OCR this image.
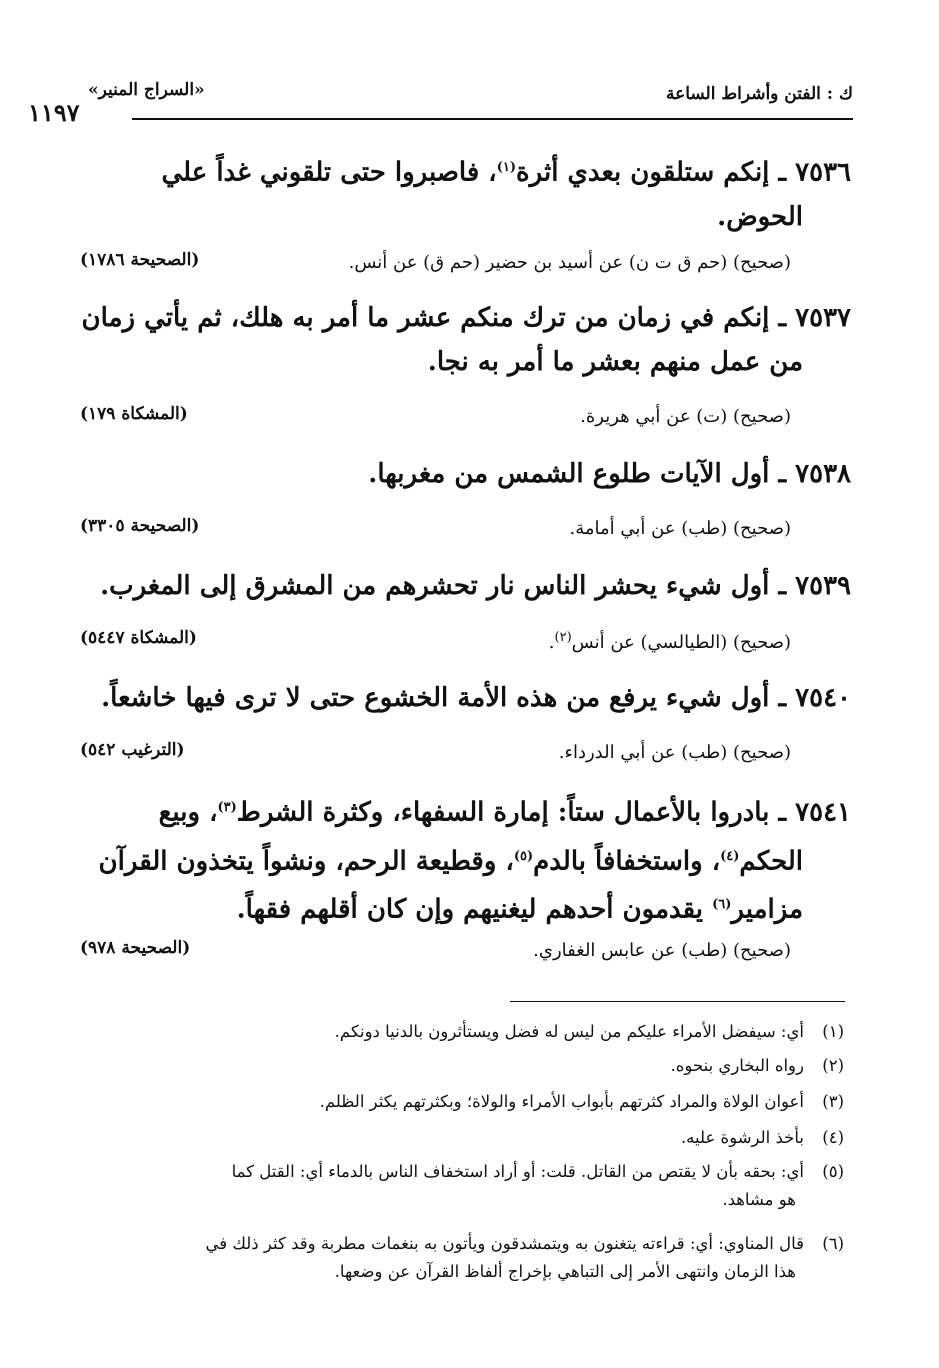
ك : الفتن وأشراط الساعة
«السراج المنير»
١١٩٧
٧٥٣٦ ـ إنكم ستلقون بعدي أثرة$^{(١)}$، فاصبروا حتى تلقوني غداً علي
الحوض.
(صحيح) (حم ق ت ن) عن أسيد بن حضير (حم ق) عن أنس.
(الصحيحة ١٧٨٦)
٧٥٣٧ ـ إنكم في زمان من ترك منكم عشر ما أمر به هلك، ثم يأتي زمان
من عمل منهم بعشر ما أمر به نجا.
(صحيح) (ت) عن أبي هريرة.
(المشكاة ١٧٩)
٧٥٣٨ ـ أول الآيات طلوع الشمس من مغربها.
(صحيح) (طب) عن أبي أمامة.
(الصحيحة ٣٣٠٥)
٧٥٣٩ ـ أول شيء يحشر الناس نار تحشرهم من المشرق إلى المغرب.
(صحيح) (الطيالسي) عن أنس$^{(٢)}$.
(المشكاة ٥٤٤٧)
٧٥٤٠ ـ أول شيء يرفع من هذه الأمة الخشوع حتى لا ترى فيها خاشعاً.
(صحيح) (طب) عن أبي الدرداء.
(الترغيب ٥٤٢)
٧٥٤١ ـ بادروا بالأعمال ستاً: إمارة السفهاء، وكثرة الشرط$^{(٣)}$، وبيع
الحكم$^{(٤)}$، واستخفافاً بالدم$^{(٥)}$، وقطيعة الرحم، ونشواً يتخذون القرآن
مزامير$^{(٦)}$ يقدمون أحدهم ليغنيهم وإن كان أقلهم فقهاً.
(صحيح) (طب) عن عابس الغفاري.
(الصحيحة ٩٧٨)
(١)أي: سيفضل الأمراء عليكم من ليس له فضل ويستأثرون بالدنيا دونكم.
(٢)رواه البخاري بنحوه.
(٣)أعوان الولاة والمراد كثرتهم بأبواب الأمراء والولاة؛ وبكثرتهم يكثر الظلم.
(٤)بأخذ الرشوة عليه.
(٥)أي: بحقه بأن لا يقتص من القاتل. قلت: أو أراد استخفاف الناس بالدماء أي: القتل كما
هو مشاهد.
(٦)قال المناوي: أي: قراءته يتغنون به ويتمشدقون ويأتون به بنغمات مطربة وقد كثر ذلك في
هذا الزمان وانتهى الأمر إلى التباهي بإخراج ألفاظ القرآن عن وضعها.
